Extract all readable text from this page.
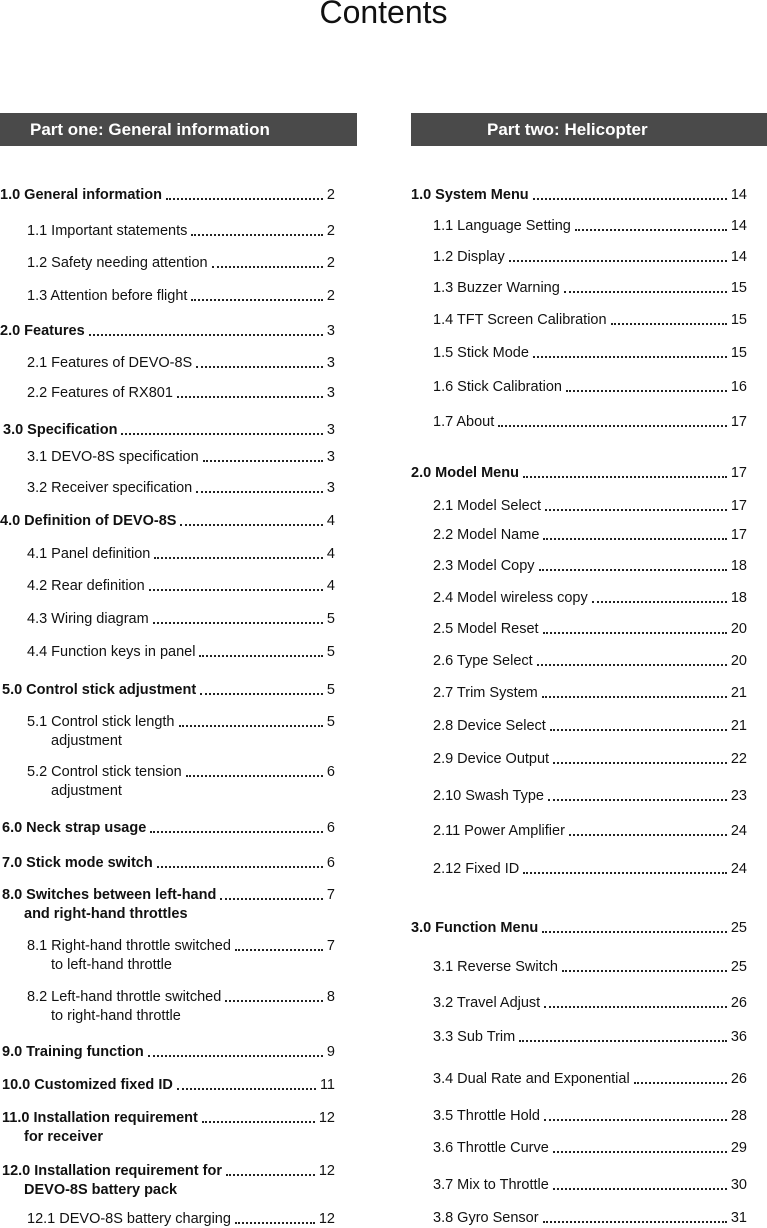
Contents
Part one: General information
1.0 General information	2
1.1 Important statements	2
1.2 Safety needing attention	2
1.3 Attention before flight	2
2.0 Features	3
2.1 Features of DEVO-8S	3
2.2 Features of RX801	3
3.0 Specification	3
3.1 DEVO-8S specification	3
3.2 Receiver specification	3
4.0 Definition of DEVO-8S	4
4.1 Panel definition	4
4.2 Rear definition	4
4.3 Wiring diagram	5
4.4 Function keys in panel	5
5.0 Control stick adjustment	5
5.1 Control stick length	5
adjustment
5.2 Control stick tension	6
adjustment
6.0 Neck strap usage	6
7.0 Stick mode switch	6
8.0 Switches between left-hand	7
and right-hand throttles
8.1 Right-hand throttle switched	7
to left-hand throttle
8.2 Left-hand throttle switched	8
to right-hand throttle
9.0 Training function	9
10.0 Customized fixed ID	11
11.0 Installation requirement	12
for receiver
12.0 Installation requirement for	12
DEVO-8S battery pack
12.1 DEVO-8S battery charging	12
Part two: Helicopter
1.0 System Menu	14
1.1 Language Setting	14
1.2 Display	14
1.3 Buzzer Warning	15
1.4 TFT Screen Calibration	15
1.5 Stick Mode	15
1.6 Stick Calibration	16
1.7 About	17
2.0 Model Menu	17
2.1 Model Select	17
2.2 Model Name	17
2.3 Model Copy	18
2.4 Model wireless copy	18
2.5 Model Reset	20
2.6 Type Select	20
2.7 Trim System	21
2.8 Device Select	21
2.9 Device Output	22
2.10 Swash Type	23
2.11 Power Amplifier	24
2.12 Fixed ID	24
3.0 Function Menu	25
3.1 Reverse Switch	25
3.2 Travel Adjust	26
3.3 Sub Trim	36
3.4 Dual Rate and Exponential	26
3.5 Throttle Hold	28
3.6 Throttle Curve	29
3.7 Mix to Throttle	30
3.8 Gyro Sensor	31
